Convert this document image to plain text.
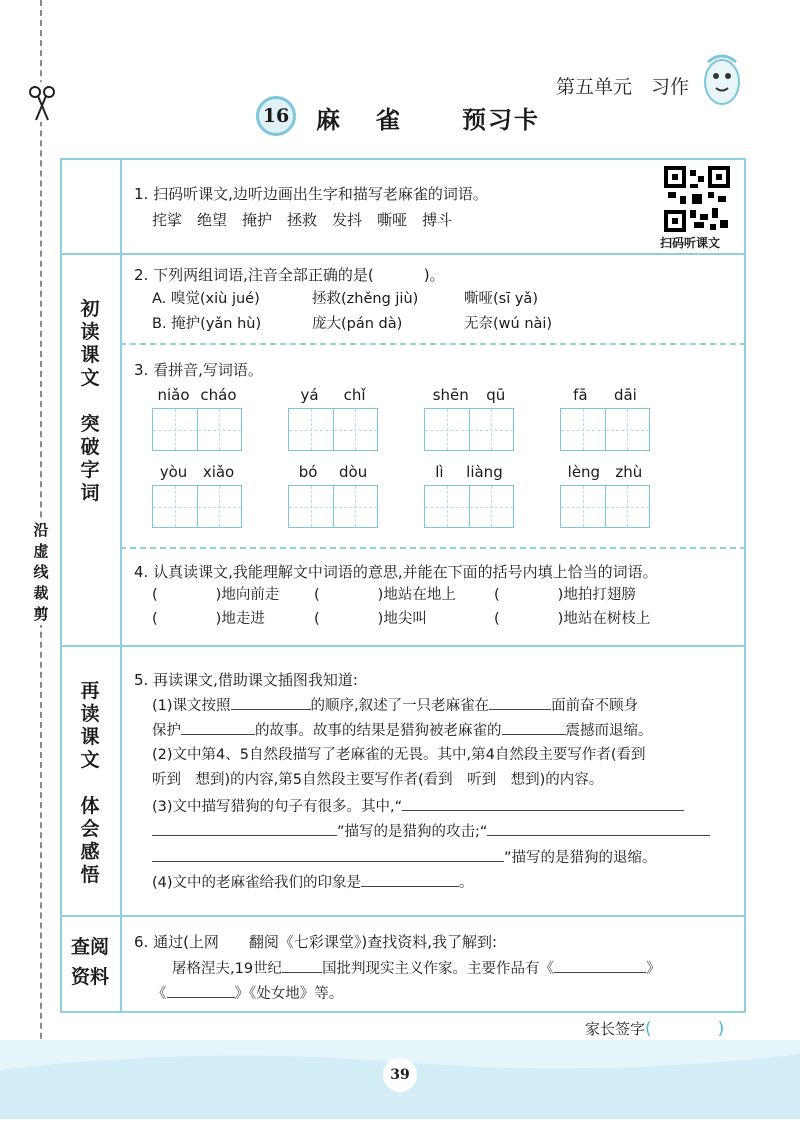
沿
虚
线
裁
剪
第五单元　习作
16 麻雀 预习卡
初
读
课
文

突
破
字
词
再
读
课
文

体
会
感
悟
查阅
资料
扫码听课文
1. 扫码听课文,边听边画出生字和描写老麻雀的词语。
挓挲 绝望 掩护 拯救 发抖 嘶哑 搏斗
2. 下列两组词语,注音全部正确的是(	)。
A. 嗅觉(xiù jué)	拯救(zhěng jiù)	嘶哑(sī yǎ)
B. 掩护(yǎn hù)	庞大(pán dà)	无奈(wú nài)
3. 看拼音,写词语。
niǎo cháo	yá chǐ	shēn qū	fā dāi
yòu xiǎo	bó dòu	lì liàng	lèng zhù
4. 认真读课文,我能理解文中词语的意思,并能在下面的括号内填上恰当的词语。
(	)地向前走 (	)地站在地上	(	)地拍打翅膀
(	)地走进	(	)地尖叫	(	)地站在树枝上
5. 再读课文,借助课文插图我知道:
(1)课文按照	的顺序,叙述了一只老麻雀在	面前奋不顾身
保护	的故事。故事的结果是猎狗被老麻雀的	震撼而退缩。
(2)文中第4、5自然段描写了老麻雀的无畏。其中,第4自然段主要写作者(看到
听到　想到)的内容,第5自然段主要写作者(看到　听到　想到)的内容。
(3)文中描写猎狗的句子有很多。其中,“
”描写的是猎狗的攻击;“
”描写的是猎狗的退缩。
(4)文中的老麻雀给我们的印象是	。
6. 通过(上网　　翻阅《七彩课堂》)查找资料,我了解到:
屠格涅夫,19世纪	国批判现实主义作家。主要作品有《	》
《	》《处女地》等。
家长签字(	)
39
